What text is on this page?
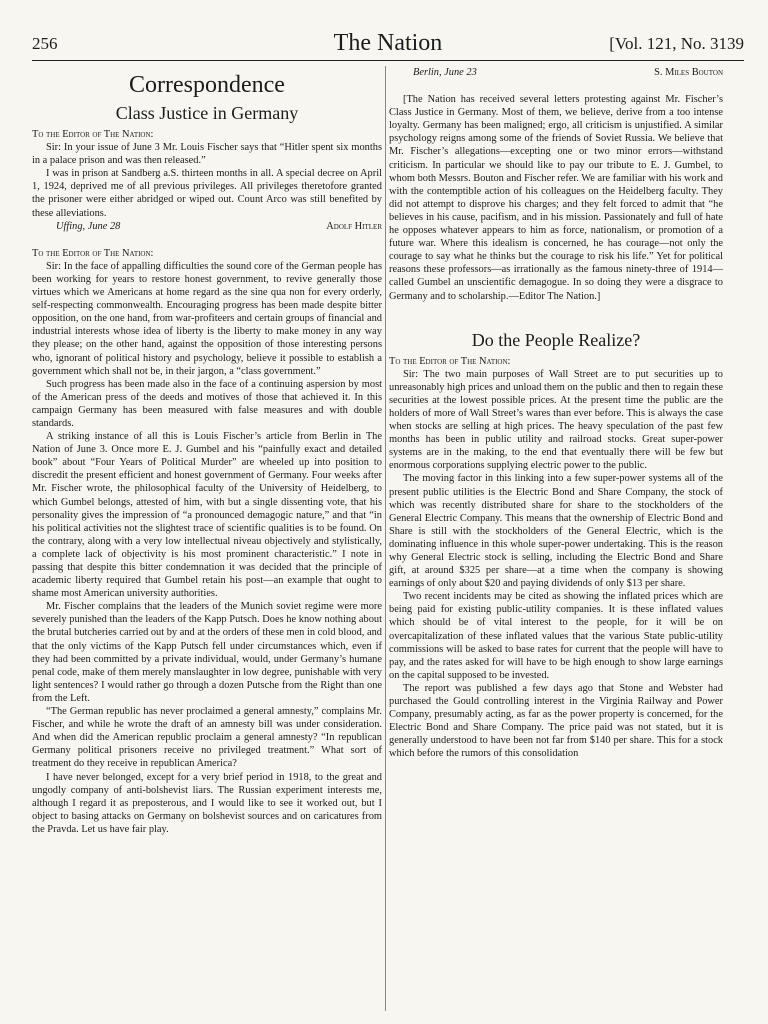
256	The Nation	[Vol. 121, No. 3139
Correspondence
Class Justice in Germany

To the Editor of The Nation:

Sir: In your issue of June 3 Mr. Louis Fischer says that “Hitler spent six months in a palace prison and was then released.”

I was in prison at Sandberg a.S. thirteen months in all. A special decree on April 1, 1924, deprived me of all previous privileges. All privileges theretofore granted the prisoner were either abridged or wiped out. Count Arco was still benefited by these alleviations.

Uffing, June 28	Adolf Hitler

To the Editor of The Nation:

Sir: In the face of appalling difficulties the sound core of the German people has been working for years to restore honest government, to revive generally those virtues which we Americans at home regard as the sine qua non for every orderly, self-respecting commonwealth. Encouraging progress has been made despite bitter opposition, on the one hand, from war-profiteers and certain groups of financial and industrial interests whose idea of liberty is the liberty to make money in any way they please; on the other hand, against the opposition of those interesting persons who, ignorant of political history and psychology, believe it possible to establish a government which shall not be, in their jargon, a “class government.”

Such progress has been made also in the face of a continuing aspersion by most of the American press of the deeds and motives of those that achieved it. In this campaign Germany has been measured with false measures and with double standards.

A striking instance of all this is Louis Fischer’s article from Berlin in The Nation of June 3. Once more E. J. Gumbel and his “painfully exact and detailed book” about “Four Years of Political Murder” are wheeled up into position to discredit the present efficient and honest government of Germany. Four weeks after Mr. Fischer wrote, the philosophical faculty of the University of Heidelberg, to which Gumbel belongs, attested of him, with but a single dissenting vote, that his personality gives the impression of “a pronounced demagogic nature,” and that “in his political activities not the slightest trace of scientific qualities is to be found. On the contrary, along with a very low intellectual niveau objectively and stylistically, a complete lack of objectivity is his most prominent characteristic.” I note in passing that despite this bitter condemnation it was decided that the principle of academic liberty required that Gumbel retain his post—an example that ought to shame most American university authorities.

Mr. Fischer complains that the leaders of the Munich soviet regime were more severely punished than the leaders of the Kapp Putsch. Does he know nothing about the brutal butcheries carried out by and at the orders of these men in cold blood, and that the only victims of the Kapp Putsch fell under circumstances which, even if they had been committed by a private individual, would, under Germany’s humane penal code, make of them merely manslaughter in low degree, punishable with very light sentences? I would rather go through a dozen Putsche from the Right than one from the Left.

“The German republic has never proclaimed a general amnesty,” complains Mr. Fischer, and while he wrote the draft of an amnesty bill was under consideration. And when did the American republic proclaim a general amnesty? “In republican Germany political prisoners receive no privileged treatment.” What sort of treatment do they receive in republican America?

I have never belonged, except for a very brief period in 1918, to the great and ungodly company of anti-bolshevist liars. The Russian experiment interests me, although I regard it as preposterous, and I would like to see it worked out, but I object to basing attacks on Germany on bolshevist sources and on caricatures from the Pravda. Let us have fair play.

Berlin, June 23	S. Miles Bouton

[The Nation has received several letters protesting against Mr. Fischer’s Class Justice in Germany. Most of them, we believe, derive from a too intense loyalty. Germany has been maligned; ergo, all criticism is unjustified. A similar psychology reigns among some of the friends of Soviet Russia. We believe that Mr. Fischer’s allegations—excepting one or two minor errors—withstand criticism. In particular we should like to pay our tribute to E. J. Gumbel, to whom both Messrs. Bouton and Fischer refer. We are familiar with his work and with the contemptible action of his colleagues on the Heidelberg faculty. They did not attempt to disprove his charges; and they felt forced to admit that “he believes in his cause, pacifism, and in his mission. Passionately and full of hate he opposes whatever appears to him as force, nationalism, or promotion of a future war. Where this idealism is concerned, he has courage—not only the courage to say what he thinks but the courage to risk his life.” Yet for political reasons these professors—as irrationally as the famous ninety-three of 1914—called Gumbel an unscientific demagogue. In so doing they were a disgrace to Germany and to scholarship.—Editor The Nation.]

Do the People Realize?

To the Editor of The Nation:

Sir: The two main purposes of Wall Street are to put securities up to unreasonably high prices and unload them on the public and then to regain these securities at the lowest possible prices. At the present time the public are the holders of more of Wall Street’s wares than ever before. This is always the case when stocks are selling at high prices. The heavy speculation of the past few months has been in public utility and railroad stocks. Great super-power systems are in the making, to the end that eventually there will be few but enormous corporations supplying electric power to the public.

The moving factor in this linking into a few super-power systems all of the present public utilities is the Electric Bond and Share Company, the stock of which was recently distributed share for share to the stockholders of the General Electric Company. This means that the ownership of Electric Bond and Share is still with the stockholders of the General Electric, which is the dominating influence in this whole super-power undertaking. This is the reason why General Electric stock is selling, including the Electric Bond and Share gift, at around $325 per share—at a time when the company is showing earnings of only about $20 and paying dividends of only $13 per share.

Two recent incidents may be cited as showing the inflated prices which are being paid for existing public-utility companies. It is these inflated values which should be of vital interest to the people, for it will be on overcapitalization of these inflated values that the various State public-utility commissions will be asked to base rates for current that the people will have to pay, and the rates asked for will have to be high enough to show large earnings on the capital supposed to be invested.

The report was published a few days ago that Stone and Webster had purchased the Gould controlling interest in the Virginia Railway and Power Company, presumably acting, as far as the power property is concerned, for the Electric Bond and Share Company. The price paid was not stated, but it is generally understood to have been not far from $140 per share. This for a stock which before the rumors of this consolidation
